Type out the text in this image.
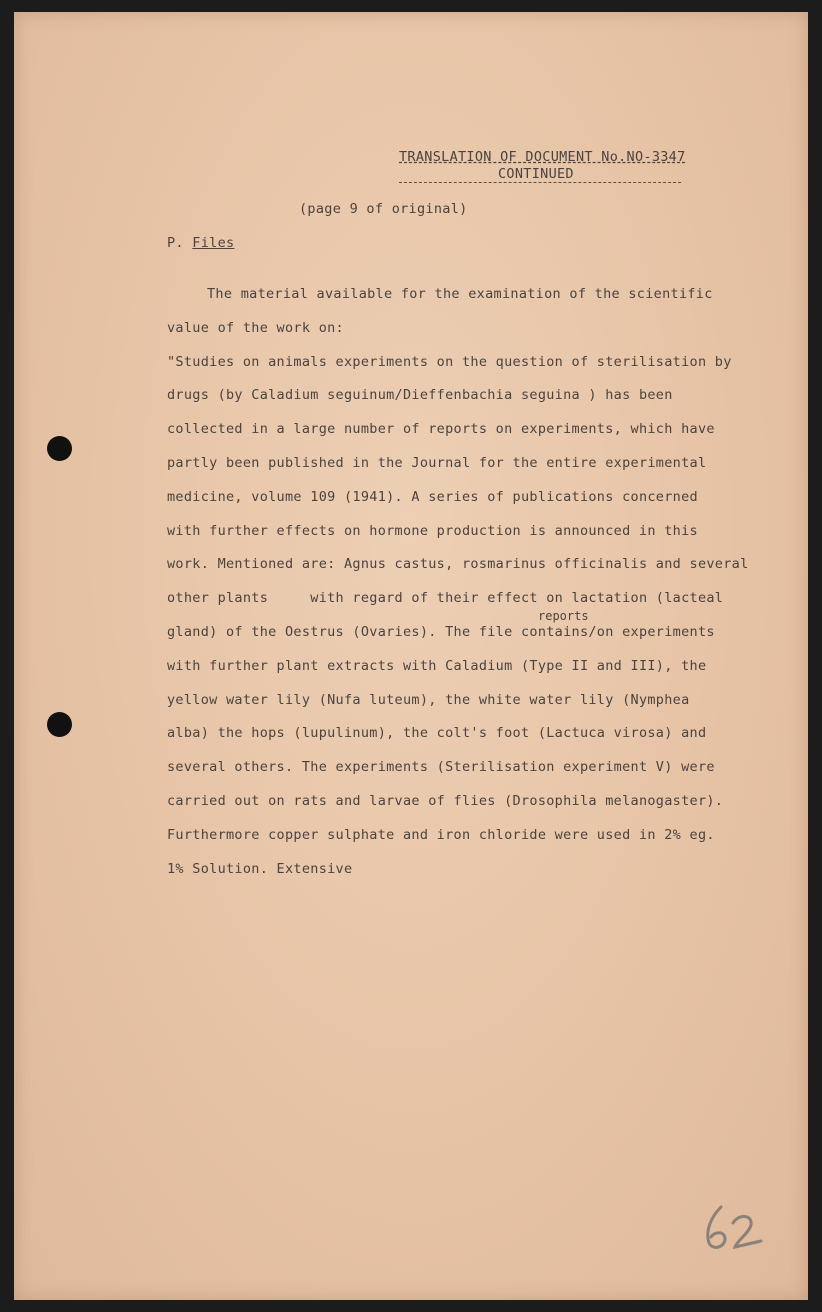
TRANSLATION OF DOCUMENT No.NO-3347
CONTINUED
(page 9 of original)
P. Files
The material available for the examination of the scientific
value of the work on:
"Studies on animals experiments on the question of sterilisation by
drugs (by Caladium seguinum/Dieffenbachia seguina ) has been
collected in a large number of reports on experiments, which have
partly been published in the Journal for the entire experimental
medicine, volume 109 (1941). A series of publications concerned
with further effects on hormone production is announced in this
work. Mentioned are: Agnus castus, rosmarinus officinalis and several
other plants     with regard of their effect on lactation (lacteal
gland) of the Oestrus (Ovaries). The file contains/on experiments
with further plant extracts with Caladium (Type II and III), the
yellow water lily (Nufa luteum), the white water lily (Nymphea
alba) the hops (lupulinum), the colt's foot (Lactuca virosa) and
several others. The experiments (Sterilisation experiment V) were
carried out on rats and larvae of flies (Drosophila melanogaster).
Furthermore copper sulphate and iron chloride were used in 2% eg.
1% Solution. Extensive
reports
